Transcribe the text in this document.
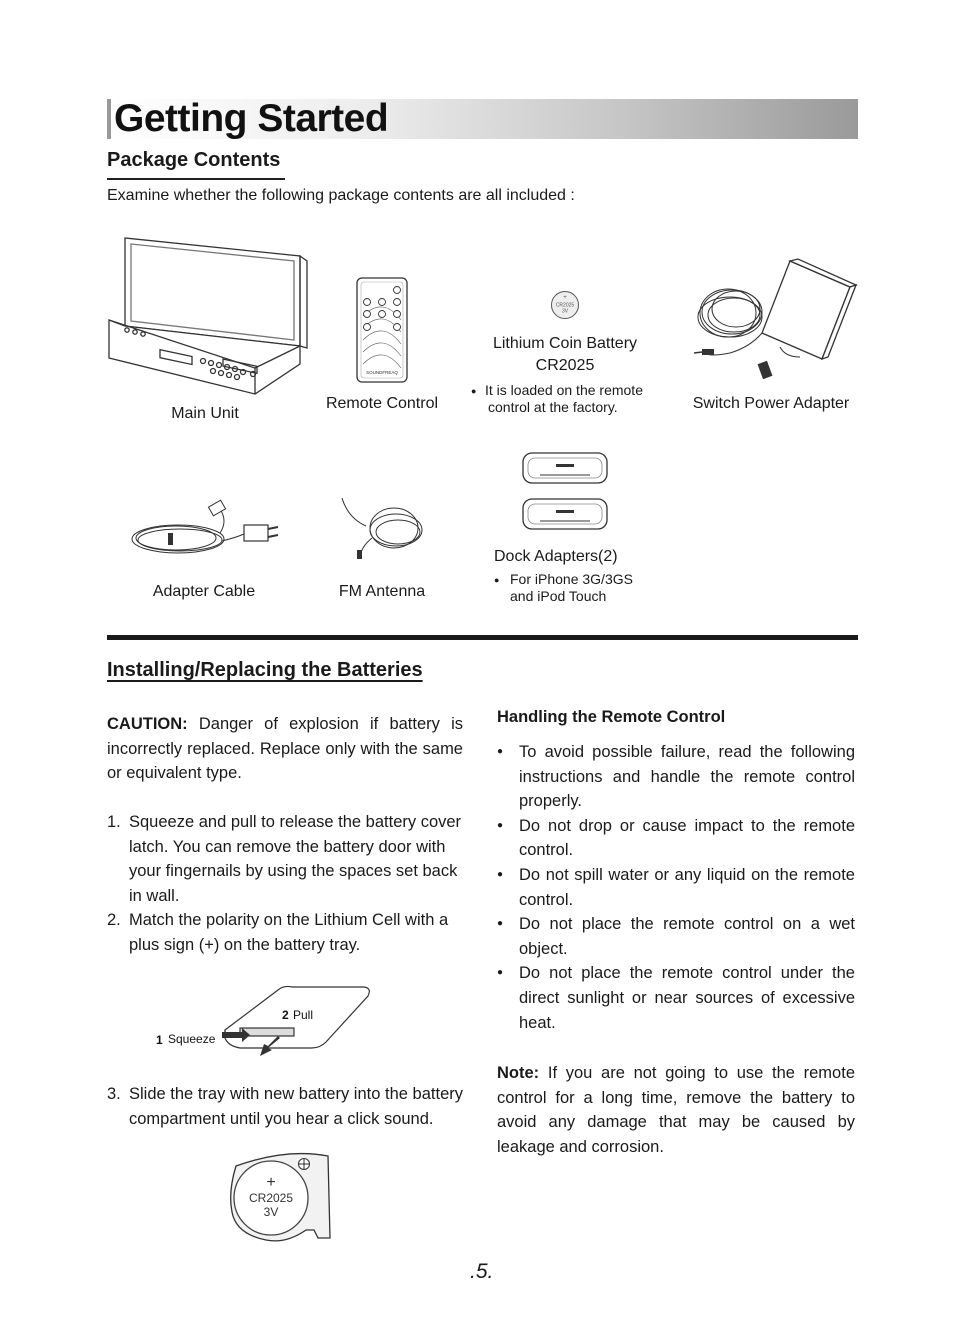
Getting Started
Package Contents
Examine whether the following package contents are all included :
Main Unit
SOUNDFREAQ
Remote Control
+
CR2025
3V
Lithium Coin Battery
CR2025
● It is loaded on the remote
control at the factory.	Switch Power Adapter
Adapter Cable	FM Antenna
Dock Adapters(2)
● For iPhone 3G/3GS
and iPod Touch
Installing/Replacing the Batteries
CAUTION: Danger of explosion if battery is incorrectly replaced. Replace only with the same or equivalent type.
1. Squeeze and pull to release the battery cover latch. You can remove the battery door with your fingernails by using the spaces set back in wall.
2. Match the polarity on the Lithium Cell with a plus sign (+) on the battery tray.
2 Pull
1 Squeeze
3. Slide the tray with new battery into the battery compartment until you hear a click sound.
+
CR2025
3V
Handling the Remote Control
● To avoid possible failure, read the following instructions and handle the remote control properly.
● Do not drop or cause impact to the remote control.
● Do not spill water or any liquid on the remote control.
● Do not place the remote control on a wet object.
● Do not place the remote control under the direct sunlight or near sources of excessive heat.
Note: If you are not going to use the remote control for a long time, remove the battery to avoid any damage that may be caused by leakage and corrosion.
.5.
